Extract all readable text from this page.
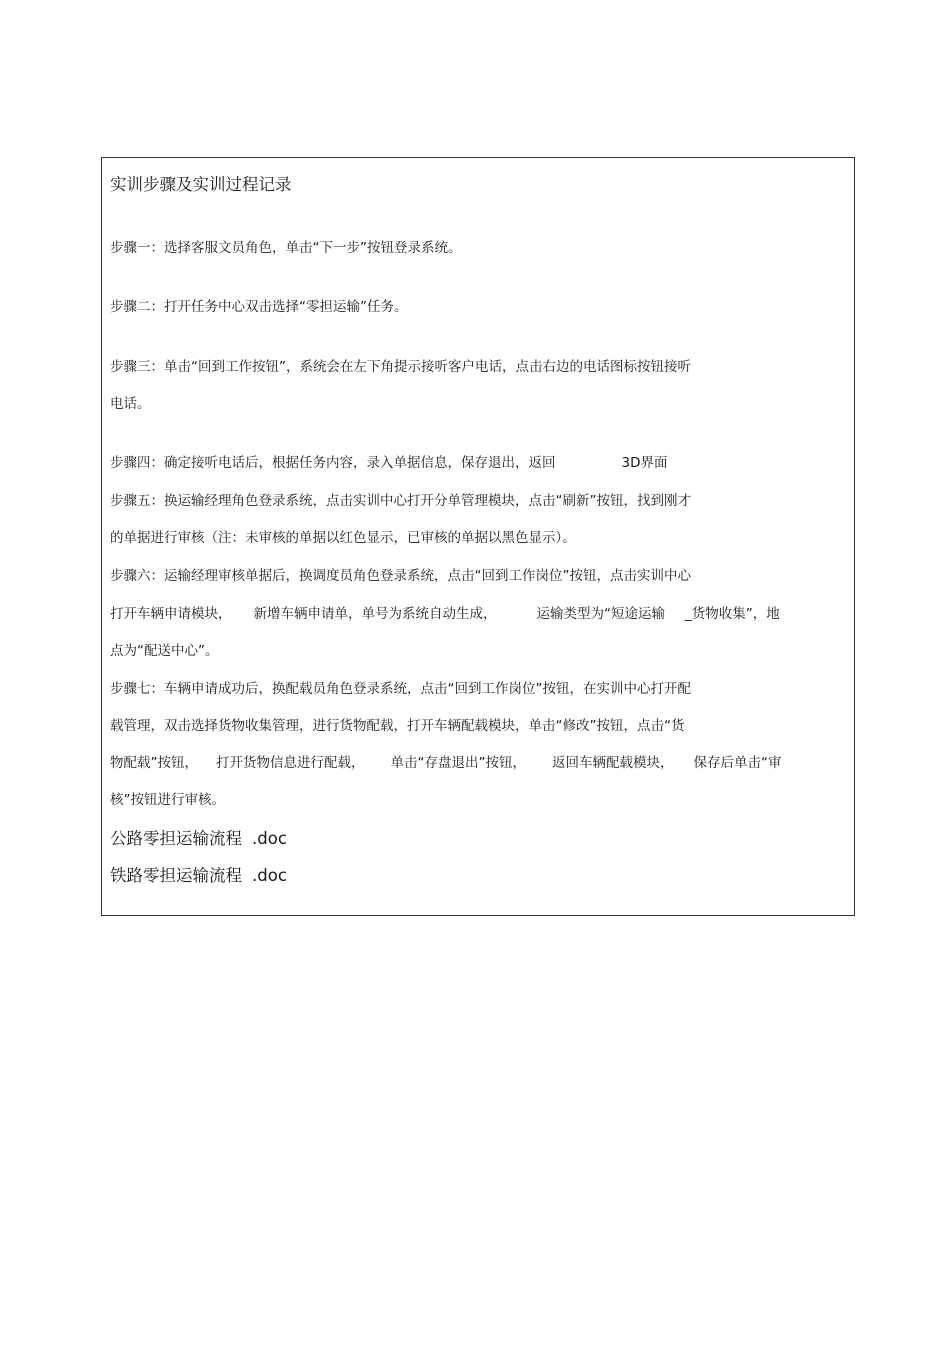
实训步骤及实训过程记录
步骤一：选择客服文员角色，单击“下一步”按钮登录系统。
步骤二：打开任务中心双击选择“零担运输”任务。
步骤三：单击“回到工作按钮”，系统会在左下角提示接听客户电话，点击右边的电话图标按钮接听
电话。
步骤四：确定接听电话后，根据任务内容，录入单据信息，保存退出，返回	3D界面
步骤五：换运输经理角色登录系统，点击实训中心打开分单管理模块，点击“刷新”按钮，找到刚才
的单据进行审核（注：未审核的单据以红色显示，已审核的单据以黑色显示）。
步骤六：运输经理审核单据后，换调度员角色登录系统，点击“回到工作岗位”按钮，点击实训中心
打开车辆申请模块， 新增车辆申请单，单号为系统自动生成，	运输类型为“短途运输 _货物收集”，地
点为“配送中心”。
步骤七：车辆申请成功后，换配载员角色登录系统，点击“回到工作岗位”按钮，在实训中心打开配
载管理，双击选择货物收集管理，进行货物配载，打开车辆配载模块，单击“修改”按钮，点击“货
物配载”按钮， 打开货物信息进行配载， 单击“存盘退出”按钮， 返回车辆配载模块， 保存后单击“审
核”按钮进行审核。
公路零担运输流程 .doc
铁路零担运输流程 .doc
